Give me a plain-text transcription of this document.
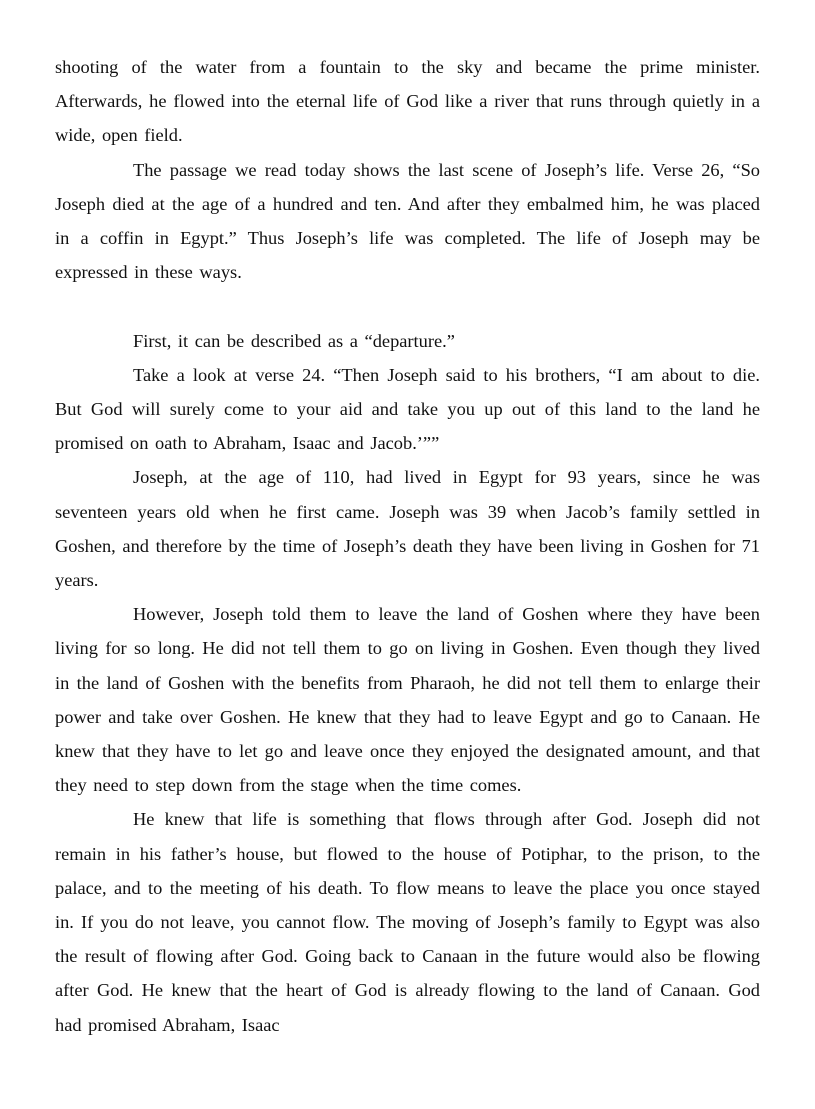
shooting of the water from a fountain to the sky and became the prime minister. Afterwards, he flowed into the eternal life of God like a river that runs through quietly in a wide, open field.

The passage we read today shows the last scene of Joseph’s life. Verse 26, “So Joseph died at the age of a hundred and ten. And after they embalmed him, he was placed in a coffin in Egypt.” Thus Joseph’s life was completed. The life of Joseph may be expressed in these ways.

First, it can be described as a “departure.”

Take a look at verse 24. “Then Joseph said to his brothers, “I am about to die. But God will surely come to your aid and take you up out of this land to the land he promised on oath to Abraham, Isaac and Jacob.’””

Joseph, at the age of 110, had lived in Egypt for 93 years, since he was seventeen years old when he first came. Joseph was 39 when Jacob’s family settled in Goshen, and therefore by the time of Joseph’s death they have been living in Goshen for 71 years.

However, Joseph told them to leave the land of Goshen where they have been living for so long. He did not tell them to go on living in Goshen. Even though they lived in the land of Goshen with the benefits from Pharaoh, he did not tell them to enlarge their power and take over Goshen. He knew that they had to leave Egypt and go to Canaan. He knew that they have to let go and leave once they enjoyed the designated amount, and that they need to step down from the stage when the time comes.

He knew that life is something that flows through after God. Joseph did not remain in his father’s house, but flowed to the house of Potiphar, to the prison, to the palace, and to the meeting of his death. To flow means to leave the place you once stayed in. If you do not leave, you cannot flow. The moving of Joseph’s family to Egypt was also the result of flowing after God. Going back to Canaan in the future would also be flowing after God. He knew that the heart of God is already flowing to the land of Canaan. God had promised Abraham, Isaac
